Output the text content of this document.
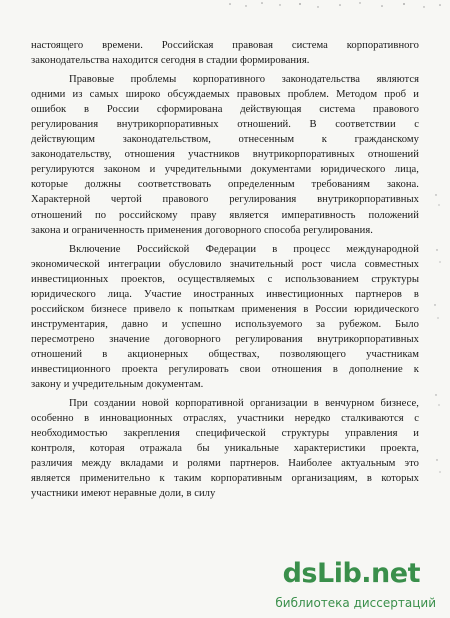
настоящего времени. Российская правовая система корпоративного
законодательства находится сегодня в стадии формирования.
Правовые проблемы корпоративного законодательства являются
одними из самых широко обсуждаемых правовых проблем. Методом проб и
ошибок в России сформирована действующая система правового
регулирования внутрикорпоративных отношений. В соответствии с
действующим законодательством, отнесенным к гражданскому
законодательству, отношения участников внутрикорпоративных отношений
регулируются законом и учредительными документами юридического лица,
которые должны соответствовать определенным требованиям закона.
Характерной чертой правового регулирования внутрикорпоративных
отношений по российскому праву является императивность положений
закона и ограниченность применения договорного способа регулирования.
Включение Российской Федерации в процесс международной
экономической интеграции обусловило значительный рост числа совместных
инвестиционных проектов, осуществляемых с использованием структуры
юридического лица. Участие иностранных инвестиционных партнеров в
российском бизнесе привело к попыткам применения в России юридического
инструментария, давно и успешно используемого за рубежом. Было
пересмотрено значение договорного регулирования внутрикорпоративных
отношений в акционерных обществах, позволяющего участникам
инвестиционного проекта регулировать свои отношения в дополнение к
закону и учредительным документам.
При создании новой корпоративной организации в венчурном бизнесе,
особенно в инновационных отраслях, участники нередко сталкиваются с
необходимостью закрепления специфической структуры управления и
контроля, которая отражала бы уникальные характеристики проекта,
различия между вкладами и ролями партнеров. Наиболее актуальным это
является применительно к таким корпоративным организациям, в которых
участники имеют неравные доли, в силу
dsLib.net
библиотека диссертаций
